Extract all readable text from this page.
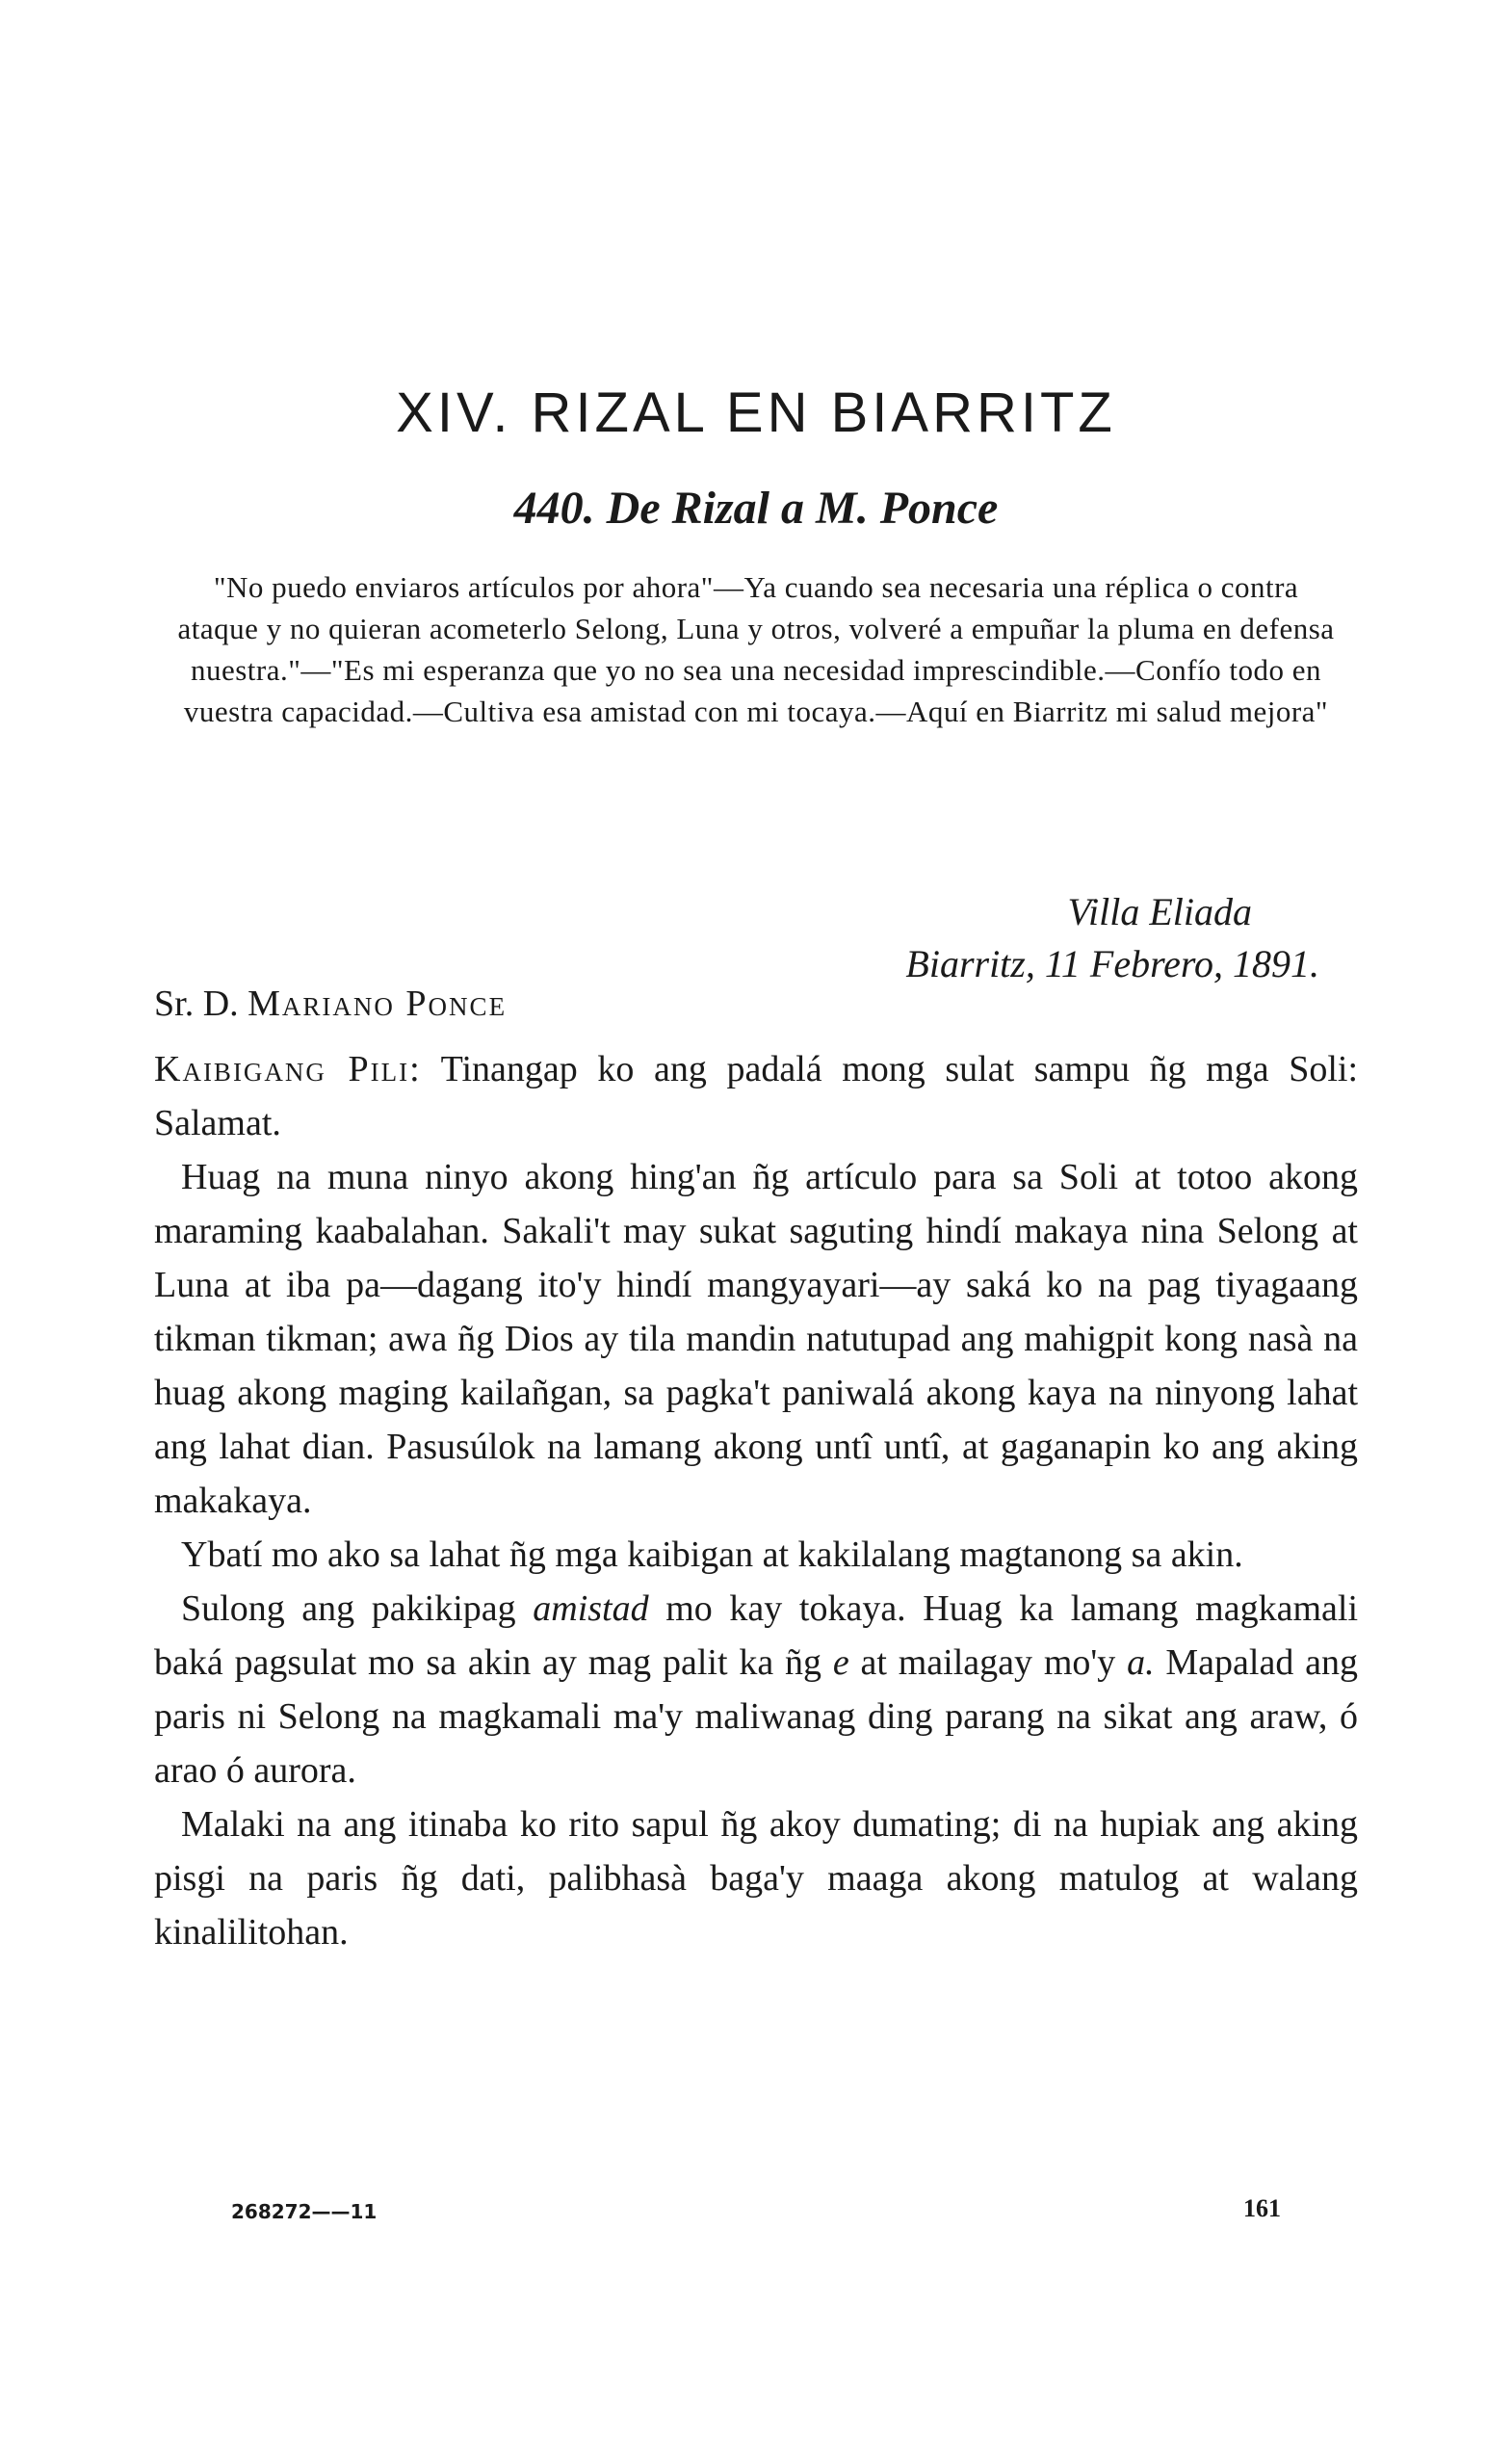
XIV. RIZAL EN BIARRITZ
440. De Rizal a M. Ponce

"No puedo enviaros artículos por ahora"—Ya cuando sea necesaria una réplica o contra ataque y no quieran acometerlo Selong, Luna y otros, volveré a empuñar la pluma en defensa nuestra."—"Es mi esperanza que yo no sea una necesidad imprescindible.—Confío todo en vuestra capacidad.—Cultiva esa amistad con mi tocaya.—Aquí en Biarritz mi salud mejora"

Villa Eliada
Biarritz, 11 Febrero, 1891.

Sr. D. Mariano Ponce

Kaibigang Pili: Tinangap ko ang padalá mong sulat sampu ñg mga Soli: Salamat.

Huag na muna ninyo akong hing'an ñg artículo para sa Soli at totoo akong maraming kaabalahan. Sakali't may sukat saguting hindí makaya nina Selong at Luna at iba pa—dagang ito'y hindí mangyayari—ay saká ko na pag tiyagaang tikman tikman; awa ñg Dios ay tila mandin natutupad ang mahigpit kong nasà na huag akong maging kailañgan, sa pagka't paniwalá akong kaya na ninyong lahat ang lahat dian. Pasusúlok na lamang akong untî untî, at gaganapin ko ang aking makakaya.

Ybatí mo ako sa lahat ñg mga kaibigan at kakilalang magtanong sa akin.

Sulong ang pakikipag amistad mo kay tokaya. Huag ka lamang magkamali baká pagsulat mo sa akin ay mag palit ka ñg e at mailagay mo'y a. Mapalad ang paris ni Selong na magkamali ma'y maliwanag ding parang na sikat ang araw, ó arao ó aurora.

Malaki na ang itinaba ko rito sapul ñg akoy dumating; di na hupiak ang aking pisgi na paris ñg dati, palibhasà baga'y maaga akong matulog at walang kinalilitohan.

268272——11	161
